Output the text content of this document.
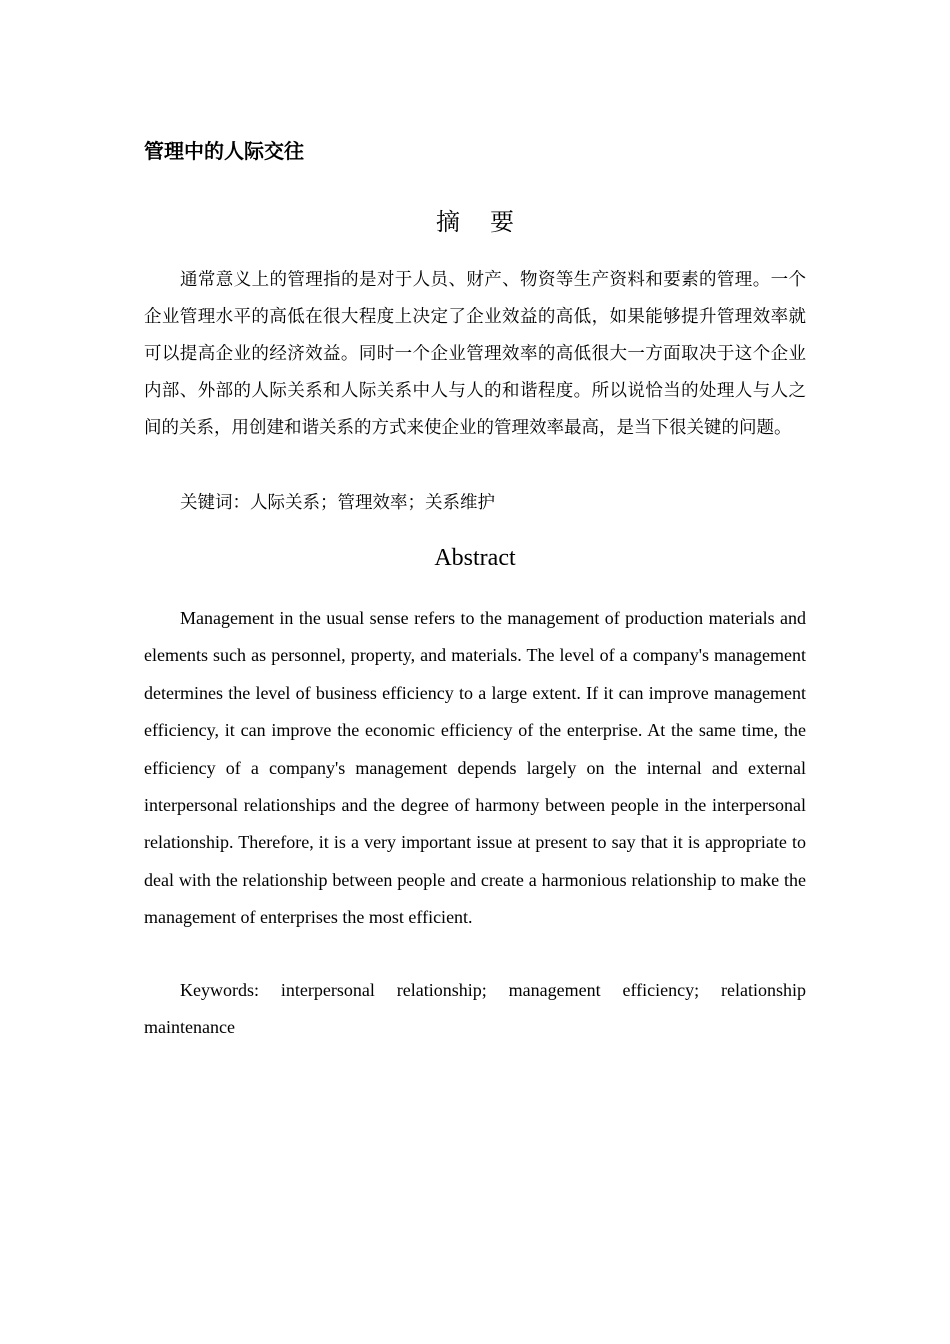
管理中的人际交往
摘 要

通常意义上的管理指的是对于人员、财产、物资等生产资料和要素的管理。一个企业管理水平的高低在很大程度上决定了企业效益的高低，如果能够提升管理效率就可以提高企业的经济效益。同时一个企业管理效率的高低很大一方面取决于这个企业内部、外部的人际关系和人际关系中人与人的和谐程度。所以说恰当的处理人与人之间的关系，用创建和谐关系的方式来使企业的管理效率最高，是当下很关键的问题。

关键词：人际关系；管理效率；关系维护

Abstract

Management in the usual sense refers to the management of production materials and elements such as personnel, property, and materials. The level of a company's management determines the level of business efficiency to a large extent. If it can improve management efficiency, it can improve the economic efficiency of the enterprise. At the same time, the efficiency of a company's management depends largely on the internal and external interpersonal relationships and the degree of harmony between people in the interpersonal relationship. Therefore, it is a very important issue at present to say that it is appropriate to deal with the relationship between people and create a harmonious relationship to make the management of enterprises the most efficient.

Keywords: interpersonal relationship; management efficiency; relationship maintenance
